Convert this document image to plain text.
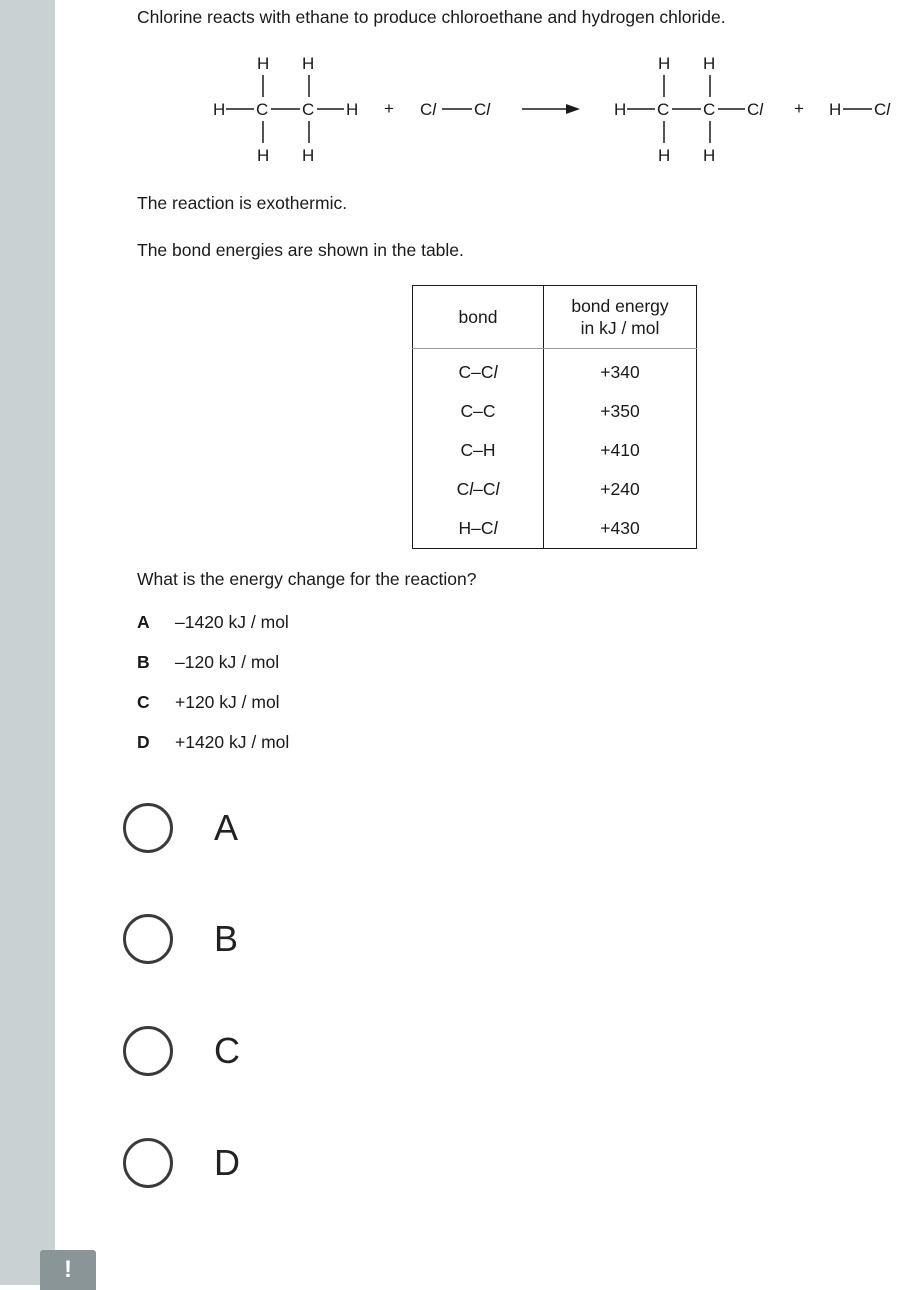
!
Chlorine reacts with ethane to produce chloroethane and hydrogen chloride.
H H
H C C H
H H
+ Cl Cl
H H
H C C Cl
H H
+ H Cl
The reaction is exothermic.
The bond energies are shown in the table.
bond	bond energy
in kJ / mol
C–Cl	+340
C–C	+350
C–H	+410
Cl–Cl	+240
H–Cl	+430
What is the energy change for the reaction?
A –1420 kJ / mol
B –120 kJ / mol
C +120 kJ / mol
D +1420 kJ / mol
A
B
C
D
